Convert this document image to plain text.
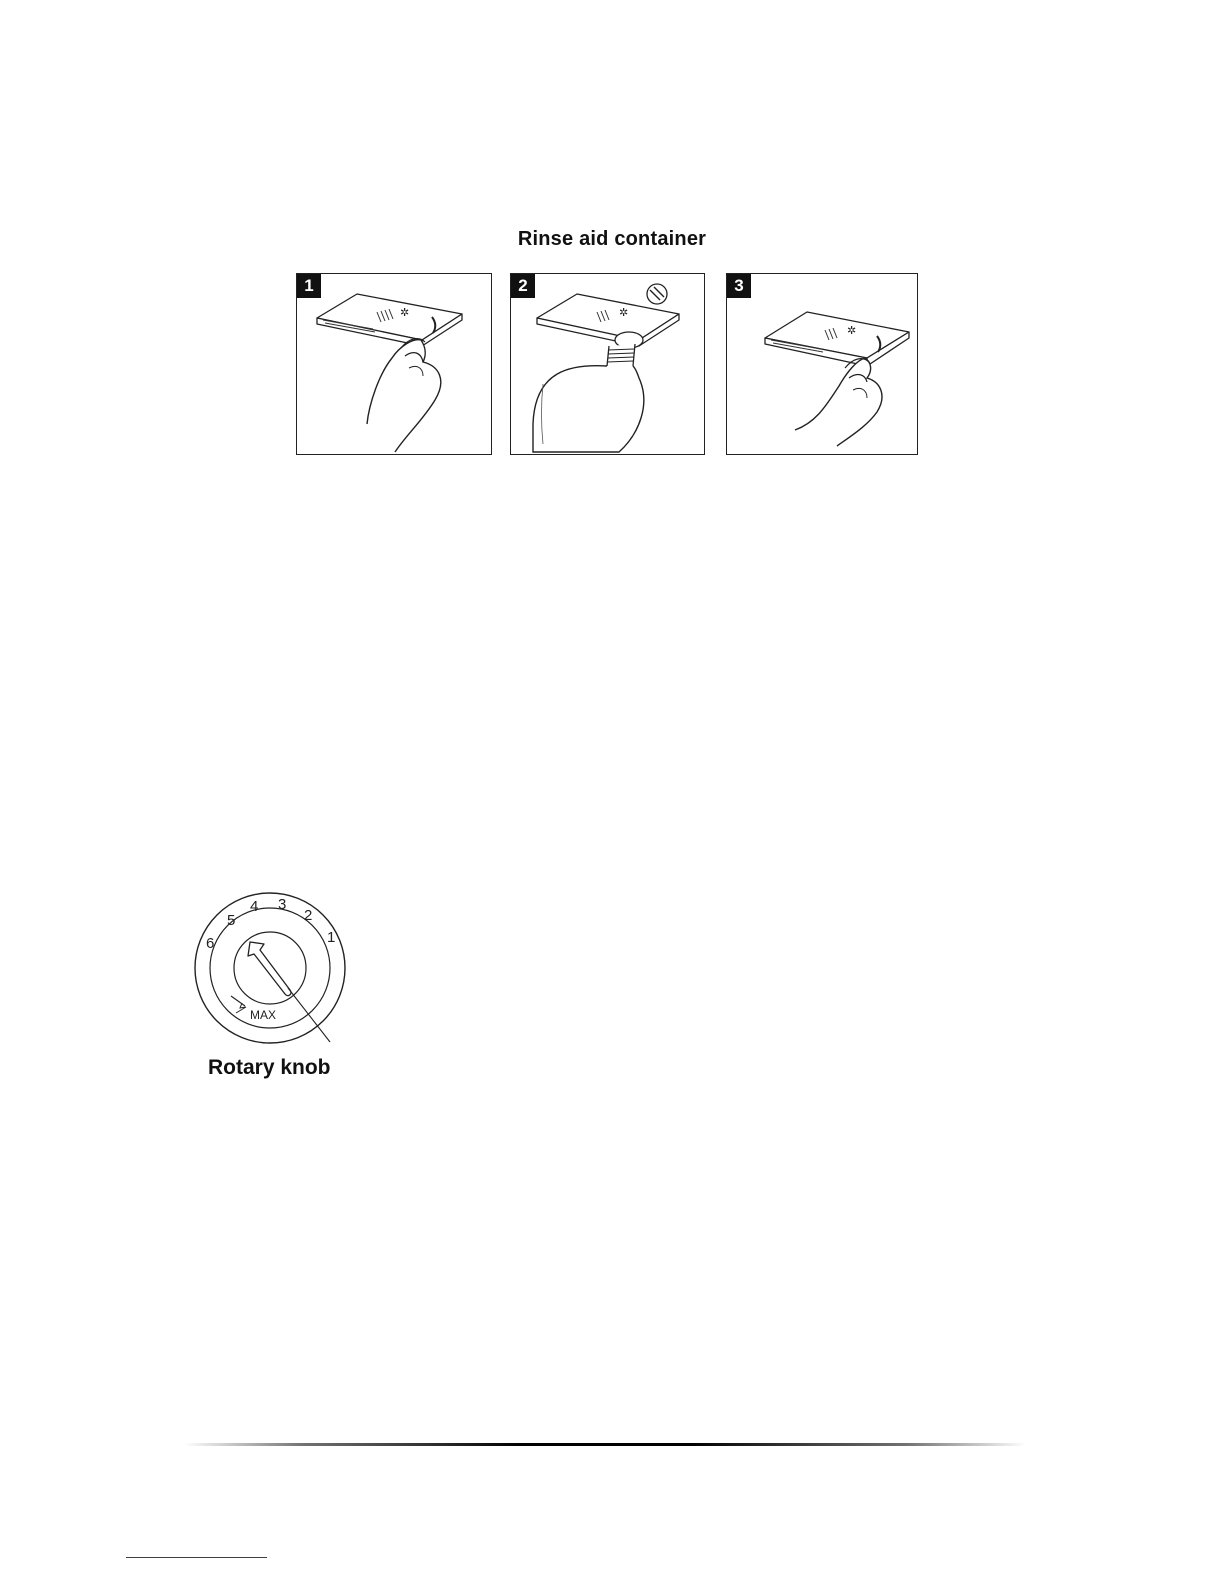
Rinse aid container
✲
1
✲
2
✲
3
6
5
4 3
2
1
MAX
Rotary knob
